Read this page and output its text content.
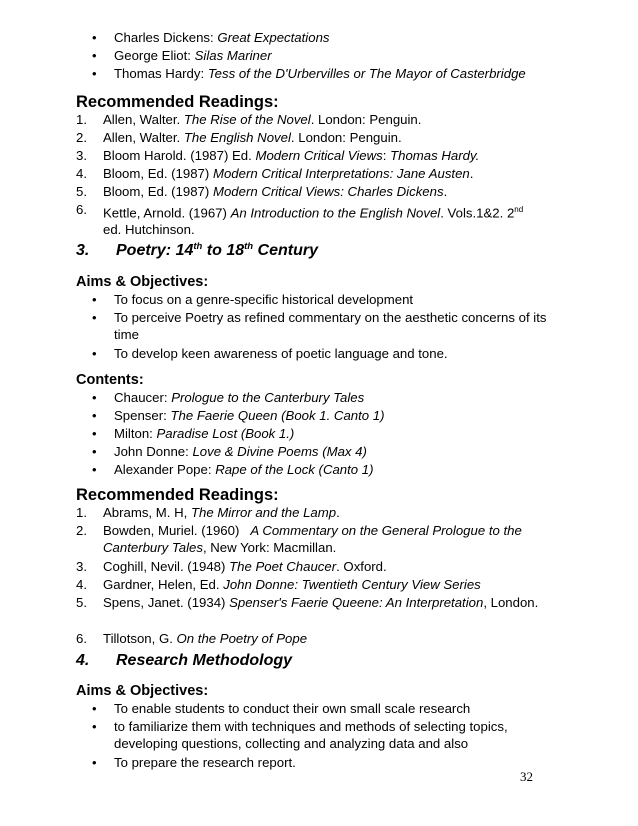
• Charles Dickens: Great Expectations
• George Eliot: Silas Mariner
• Thomas Hardy: Tess of the D'Urbervilles or The Mayor of Casterbridge
Recommended Readings:
1. Allen, Walter. The Rise of the Novel. London: Penguin.
2. Allen, Walter. The English Novel. London: Penguin.
3. Bloom Harold. (1987) Ed. Modern Critical Views: Thomas Hardy.
4. Bloom, Ed. (1987) Modern Critical Interpretations: Jane Austen.
5. Bloom, Ed. (1987) Modern Critical Views: Charles Dickens.
6. Kettle, Arnold. (1967) An Introduction to the English Novel. Vols.1&2. 2nd ed. Hutchinson.
3. Poetry: 14th to 18th Century
Aims & Objectives:
• To focus on a genre-specific historical development
• To perceive Poetry as refined commentary on the aesthetic concerns of its time
• To develop keen awareness of poetic language and tone.
Contents:
• Chaucer: Prologue to the Canterbury Tales
• Spenser: The Faerie Queen (Book 1. Canto 1)
• Milton: Paradise Lost (Book 1.)
• John Donne: Love & Divine Poems (Max 4)
• Alexander Pope: Rape of the Lock (Canto 1)
Recommended Readings:
1. Abrams, M. H, The Mirror and the Lamp.
2. Bowden, Muriel. (1960)   A Commentary on the General Prologue to the Canterbury Tales, New York: Macmillan.
3. Coghill, Nevil. (1948) The Poet Chaucer. Oxford.
4. Gardner, Helen, Ed. John Donne: Twentieth Century View Series
5. Spens, Janet. (1934) Spenser's Faerie Queene: An Interpretation, London.
6. Tillotson, G. On the Poetry of Pope
4. Research Methodology
Aims & Objectives:
• To enable students to conduct their own small scale research
• to familiarize them with techniques and methods of selecting topics, developing questions, collecting and analyzing data and also
• To prepare the research report.
32
